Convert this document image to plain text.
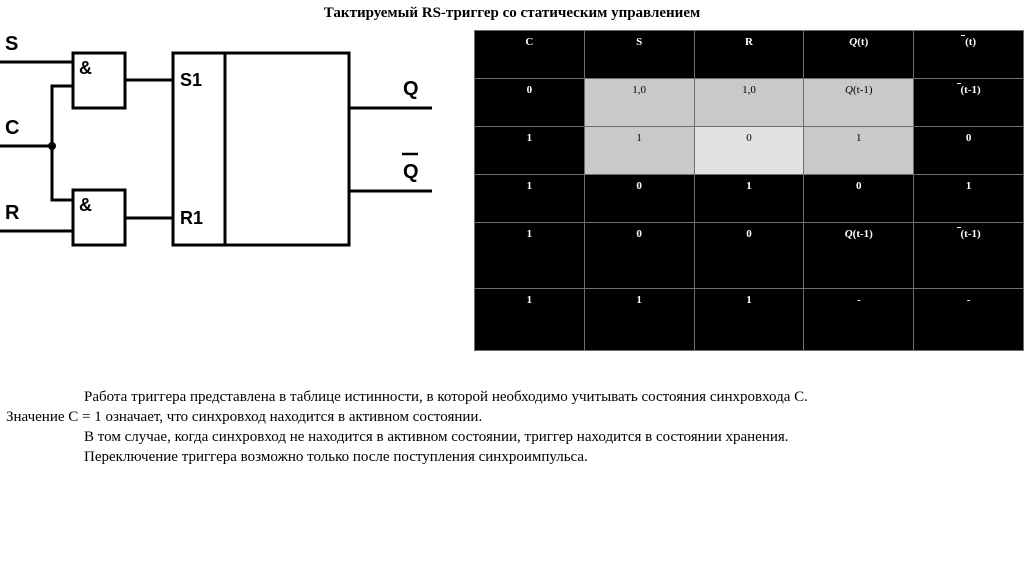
Тактируемый RS-триггер со статическим управлением
S
C
R
&
&
S1
R1
Q
Q
C	S	R	Q(t)	(t)
0	1,0	1,0	Q(t-1)	(t-1)
1	1	0	1	0
1	0	1	0	1
1	0	0	Q(t-1)	(t-1)
1	1	1	-	-

Работа триггера представлена в таблице истинности, в которой необходимо учитывать состояния синхровхода С.

Значение С = 1 означает, что синхровход находится в активном состоянии.

В том случае, когда синхровход не находится в активном состоянии, триггер находится в состоянии хранения.

Переключение триггера возможно только после поступления синхроимпульса.
